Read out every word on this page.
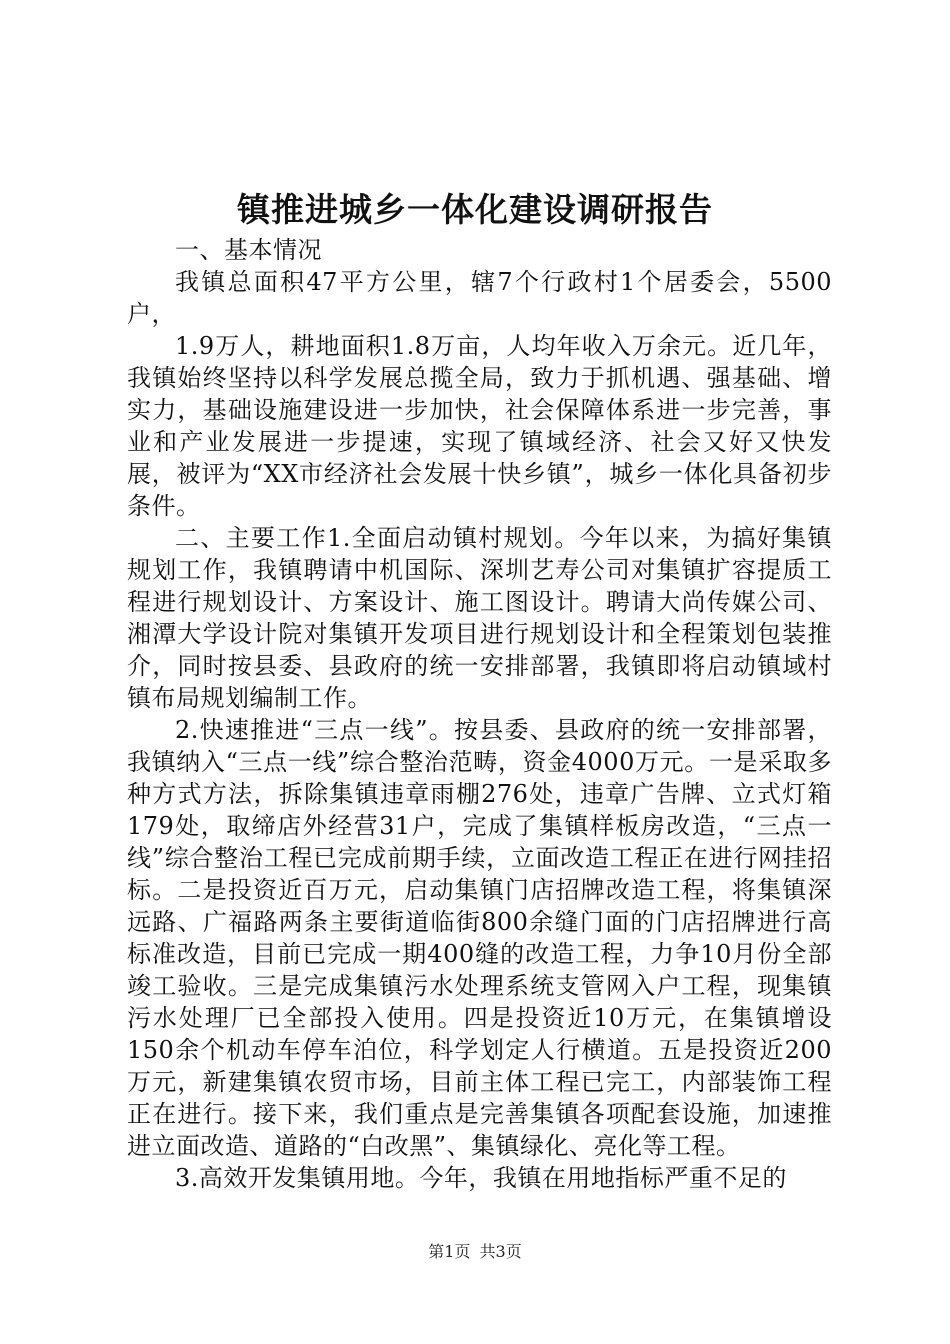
镇推进城乡一体化建设调研报告

一、基本情况

我镇总面积47平方公里，辖7个行政村1个居委会，5500户，

1.9万人，耕地面积1.8万亩，人均年收入万余元。近几年，我镇始终坚持以科学发展总揽全局，致力于抓机遇、强基础、增实力，基础设施建设进一步加快，社会保障体系进一步完善，事业和产业发展进一步提速，实现了镇域经济、社会又好又快发展，被评为“XX市经济社会发展十快乡镇”，城乡一体化具备初步条件。

二、主要工作1.全面启动镇村规划。今年以来，为搞好集镇规划工作，我镇聘请中机国际、深圳艺寿公司对集镇扩容提质工程进行规划设计、方案设计、施工图设计。聘请大尚传媒公司、湘潭大学设计院对集镇开发项目进行规划设计和全程策划包装推介，同时按县委、县政府的统一安排部署，我镇即将启动镇域村镇布局规划编制工作。

2.快速推进“三点一线”。按县委、县政府的统一安排部署，我镇纳入“三点一线”综合整治范畴，资金4000万元。一是采取多种方式方法，拆除集镇违章雨棚276处，违章广告牌、立式灯箱179处，取缔店外经营31户，完成了集镇样板房改造，“三点一线”综合整治工程已完成前期手续，立面改造工程正在进行网挂招标。二是投资近百万元，启动集镇门店招牌改造工程，将集镇深远路、广福路两条主要街道临街800余缝门面的门店招牌进行高标准改造，目前已完成一期400缝的改造工程，力争10月份全部竣工验收。三是完成集镇污水处理系统支管网入户工程，现集镇污水处理厂已全部投入使用。四是投资近10万元，在集镇增设150余个机动车停车泊位，科学划定人行横道。五是投资近200万元，新建集镇农贸市场，目前主体工程已完工，内部装饰工程正在进行。接下来，我们重点是完善集镇各项配套设施，加速推进立面改造、道路的“白改黑”、集镇绿化、亮化等工程。

3.高效开发集镇用地。今年，我镇在用地指标严重不足的

第1页 共3页
